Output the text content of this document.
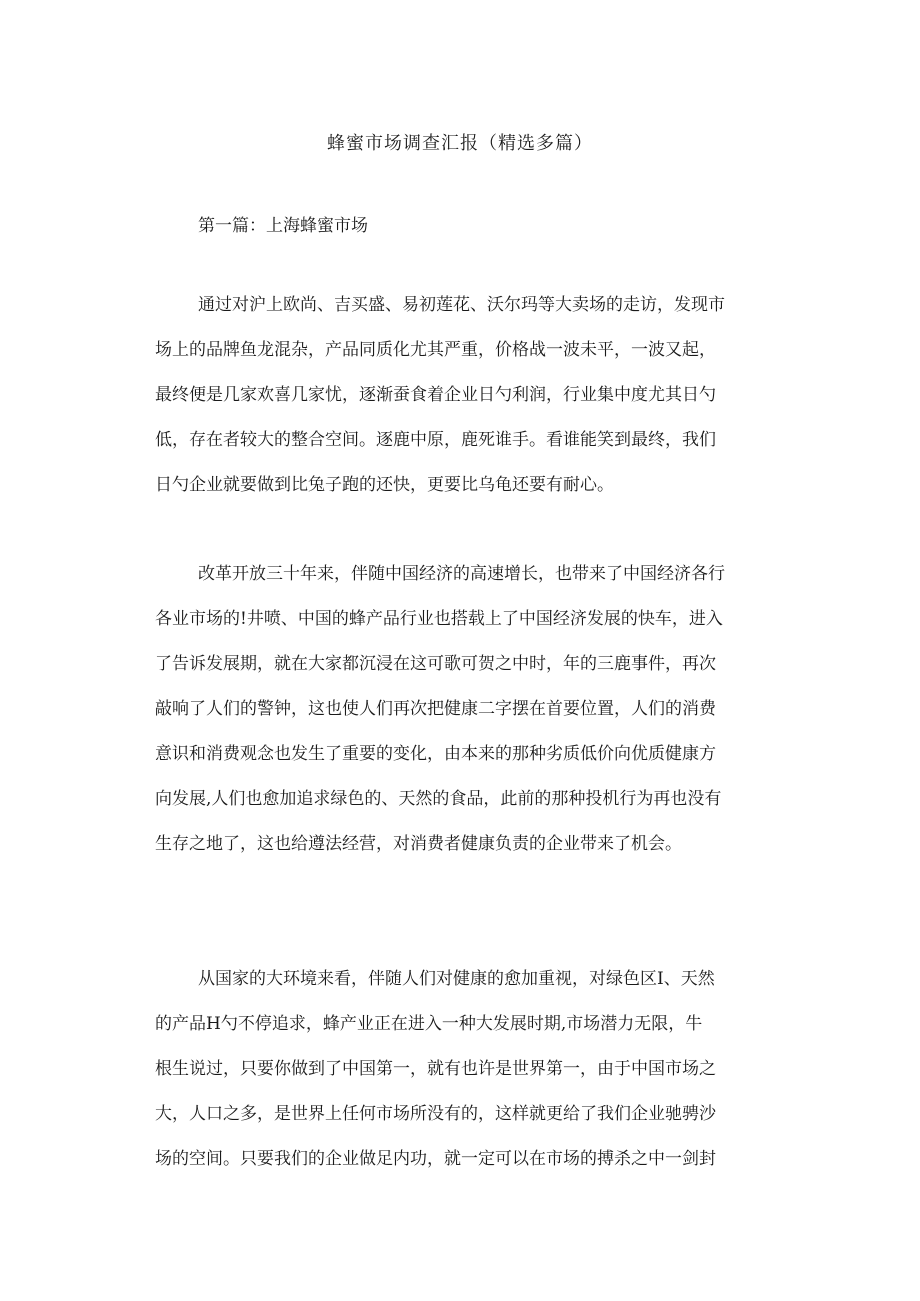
蜂蜜市场调查汇报（精选多篇）
第一篇：上海蜂蜜市场
通过对沪上欧尚、吉买盛、易初莲花、沃尔玛等大卖场的走访，发现市
场上的品牌鱼龙混杂，产品同质化尤其严重，价格战一波未平，一波又起，
最终便是几家欢喜几家忧，逐渐蚕食着企业日勺利润，行业集中度尤其日勺
低，存在者较大的整合空间。逐鹿中原，鹿死谁手。看谁能笑到最终，我们
日勺企业就要做到比兔子跑的还快，更要比乌龟还要有耐心。
改革开放三十年来，伴随中国经济的高速增长，也带来了中国经济各行
各业市场的!井喷、中国的蜂产品行业也搭载上了中国经济发展的快车，进入
了告诉发展期，就在大家都沉浸在这可歌可贺之中时，年的三鹿事件，再次
敲响了人们的警钟，这也使人们再次把健康二字摆在首要位置，人们的消费
意识和消费观念也发生了重要的变化，由本来的那种劣质低价向优质健康方
向发展,人们也愈加追求绿色的、天然的食品，此前的那种投机行为再也没有
生存之地了，这也给遵法经营，对消费者健康负责的企业带来了机会。
从国家的大环境来看，伴随人们对健康的愈加重视，对绿色区I、天然
的产品H勺不停追求，蜂产业正在进入一种大发展时期,市场潜力无限，牛
根生说过，只要你做到了中国第一，就有也许是世界第一，由于中国市场之
大，人口之多，是世界上任何市场所没有的，这样就更给了我们企业驰骋沙
场的空间。只要我们的企业做足内功，就一定可以在市场的搏杀之中一剑封
